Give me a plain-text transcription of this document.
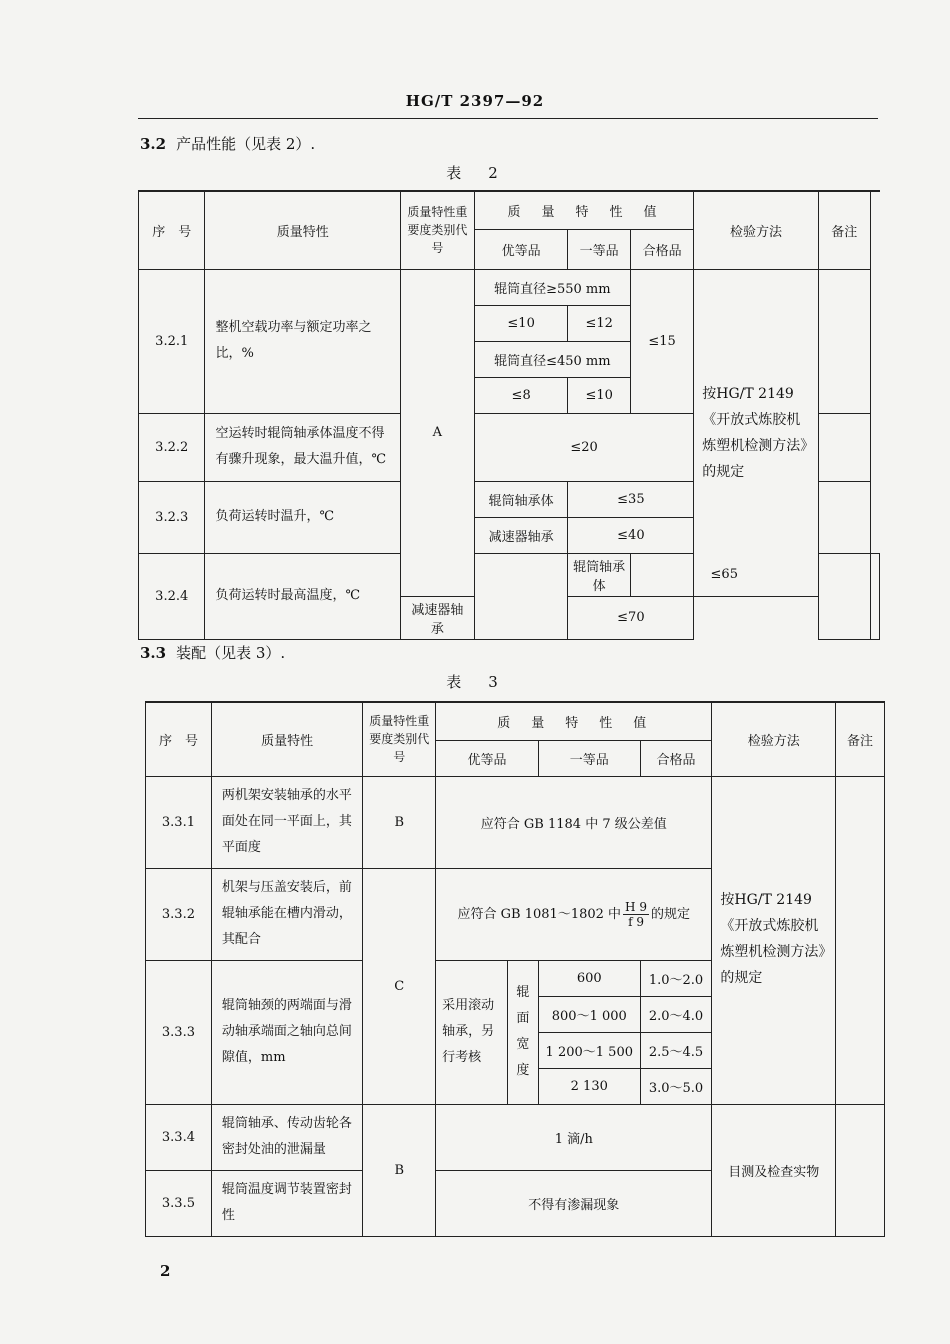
HG/T 2397—92
3.2 产品性能（见表 2）.
表　2
序　号	质量特性	质量特性重要度类别代号	质　量　特　性　值			检验方法	备注	
			优等品	一等品	合格品			
3.2.1	整机空载功率与额定功率之比，%	A	辊筒直径≥550 mm		≤15	按HG/T 2149《开放式炼胶机炼塑机检测方法》的规定		
			≤10	≤12				
			辊筒直径≤450 mm					
			≤8	≤10				
3.2.2	空运转时辊筒轴承体温度不得有骤升现象，最大温升值，℃		≤20					
3.2.3	负荷运转时温升，℃		辊筒轴承体	≤35				
			减速器轴承	≤40				
3.2.4	负荷运转时最高温度，℃			辊筒轴承体	≤65			
		减速器轴承		≤70				
3.3 装配（见表 3）.
表　3
序　号	质量特性	质量特性重要度类别代号	质　量　特　性　值				检验方法	备注
			优等品		一等品	合格品		
3.3.1	两机架安装轴承的水平面处在同一平面上，其平面度	B	应符合 GB 1184 中 7 级公差值				按HG/T 2149《开放式炼胶机炼塑机检测方法》的规定	
3.3.2	机架与压盖安装后，前辊轴承能在槽内滑动，其配合	C	应符合 GB 1081～1802 中 $\frac{H 9}{f 9}$ 的规定					
3.3.3	辊筒轴颈的两端面与滑动轴承端面之轴向总间隙值，mm		采用滚动轴承，另行考核	辊面宽度	600	1.0～2.0		
					800～1 000	2.0～4.0		
					1 200～1 500	2.5～4.5		
					2 130	3.0～5.0		
3.3.4	辊筒轴承、传动齿轮各密封处油的泄漏量	B	1 滴/h				目测及检查实物	
3.3.5	辊筒温度调节装置密封性		不得有渗漏现象					
2
